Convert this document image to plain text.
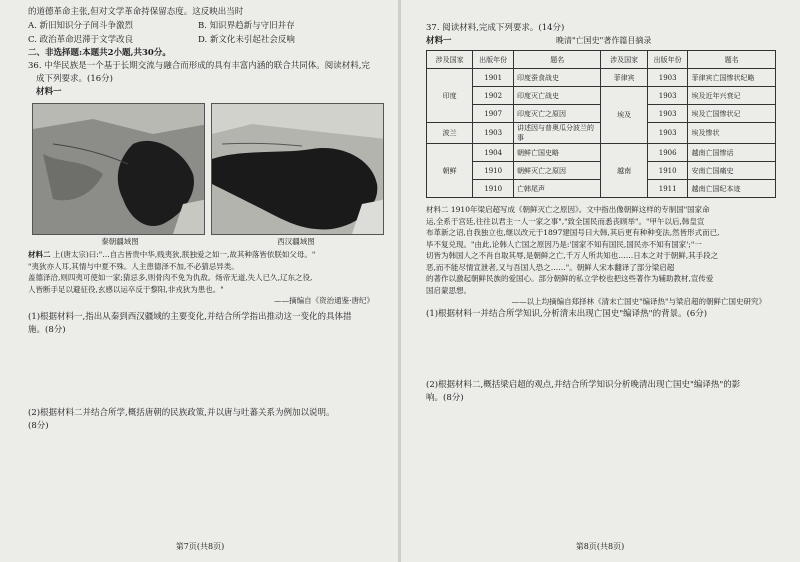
的道德革命主张,但对文学革命持保留态度。这反映出当时
A. 新旧知识分子间斗争激烈	B. 知识界趋新与守旧并存
C. 政治革命迟滞于文学改良	D. 新文化未引起社会反响
二、非选择题:本题共2小题,共30分。
36. 中华民族是一个基于长期交流与融合而形成的具有丰富内涵的联合共同体。阅读材料,完
成下列要求。(16分)
材料一
秦朝疆域图	西汉疆域图
材料二 上(唐太宗)曰:"…自古皆贵中华,贱夷狄,朕独爱之如一,故其种落皆依朕如父母。"
"夷狄亦人耳,其情与中夏不殊。人主患德泽不加,不必猜忌异类。
盖德泽洽,则四夷可使如一家;猜忌多,则骨肉不免为仇敌。炀帝无道,失人已久,辽东之役,
人皆断手足以避征役,玄感以运卒反于黎阳,非戎狄为患也。"
——摘编自《资治通鉴·唐纪》
(1)根据材料一,指出从秦到西汉疆域的主要变化,并结合所学指出推动这一变化的具体措
施。(8分)
(2)根据材料二并结合所学,概括唐朝的民族政策,并以唐与吐蕃关系为例加以说明。
(8分)
第7页(共8页)
37. 阅读材料,完成下列要求。(14分)
材料一	晚清"亡国史"著作篇目摘录
涉及国家	出版年份	题名	涉及国家	出版年份	题名
印度	1901	印度蚕食战史	菲律宾	1903	菲律宾亡国惨状纪略
	1902	印度灭亡战史	埃及	1903	埃及近年兴衰记
	1907	印度灭亡之原因		1903	埃及亡国惨状记
波兰	1903	讲述因与普奥瓜分波兰的事		1903	埃及惨状
朝鲜	1904	朝鲜亡国史略	越南	1906	越南亡国惨话
	1910	朝鲜灭亡之原因		1910	安南亡国痛史
	1910	亡韩尾声		1911	越南亡国纪本迹
材料二 1910年梁启超写成《朝鲜灭亡之原因》。文中指出像朝鲜这样的专制国"国家命
运,全系于宫廷,往往以君主一人一家之事","致全国民而悉丧顾举"。"甲午以后,韩皇宣
布革新之诏,自我独立也,继以改元于1897建国号曰大韩,其后更有种种变法,然皆形式而已,
毕不复兑现。"由此,论韩人亡国之原因乃是:'国家不知有国民,国民亦不知有国家';"一
切皆为韩国人之不肖自取其辱,是朝鲜之亡,千万人所共知也……日本之对于朝鲜,其手段之
恶,而不能尽情宣泄者,又与吾国人恐之……"。朝鲜人宋本翻译了部分梁启超
的著作以激起朝鲜民族的爱国心。部分朝鲜的私立学校也把这些著作为辅助教材,宣传爱
国启蒙思想。
——以上均摘编自郑择林《清末亡国史"编译热"与梁启超的朝鲜亡国史研究》
(1)根据材料一并结合所学知识,分析清末出现亡国史"编译热"的背景。(6分)
(2)根据材料二,概括梁启超的观点,并结合所学知识分析晚清出现亡国史"编译热"的影
响。(8分)
第8页(共8页)
